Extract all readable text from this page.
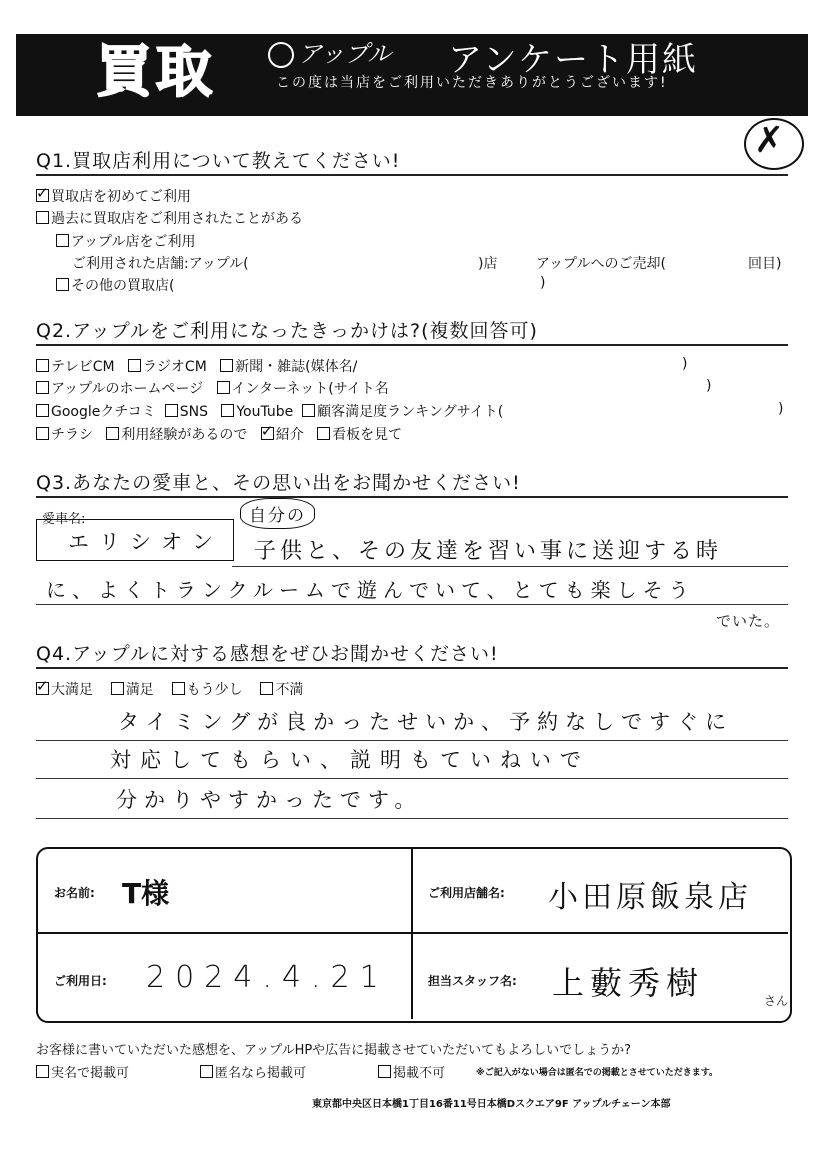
買取	アップル アンケート用紙
この度は当店をご利用いただきありがとうございます!
✗
Q1.買取店利用について教えてください!
✓買取店を初めてご利用
過去に買取店をご利用されたことがある
アップル店をご利用
ご利用された店舗:アップル(	)店	アップルへのご売却(	回目)
その他の買取店(	)
Q2.アップルをご利用になったきっかけは?(複数回答可)
テレビCM ラジオCM 新聞・雑誌(媒体名/	)
アップルのホームページ インターネット(サイト名	)
Googleクチコミ SNS YouTube 顧客満足度ランキングサイト(	)
チラシ 利用経験があるので   ✓ 紹介 看板を見て
Q3.あなたの愛車と、その思い出をお聞かせください!
愛車名:
エリシオン
自分の
子供と、その友達を習い事に送迎する時
に、よくトランクルームで遊んでいて、とても楽しそう
でいた。
Q4.アップルに対する感想をぜひお聞かせください!
✓大満足 満足 もう少し 不満
タイミングが良かったせいか、予約なしですぐに
対応してもらい、説明もていねいで
分かりやすかったです。
お名前: T様	ご利用店舗名: 小田原飯泉店
ご利用日: 2024.4.21	担当スタッフ名: 上藪秀樹	さん
お客様に書いていただいた感想を、アップルHPや広告に掲載させていただいてもよろしいでしょうか?
実名で掲載可	匿名なら掲載可	掲載不可	※ご記入がない場合は匿名での掲載とさせていただきます。
東京都中央区日本橋1丁目16番11号日本橋Dスクエア9F アップルチェーン本部
